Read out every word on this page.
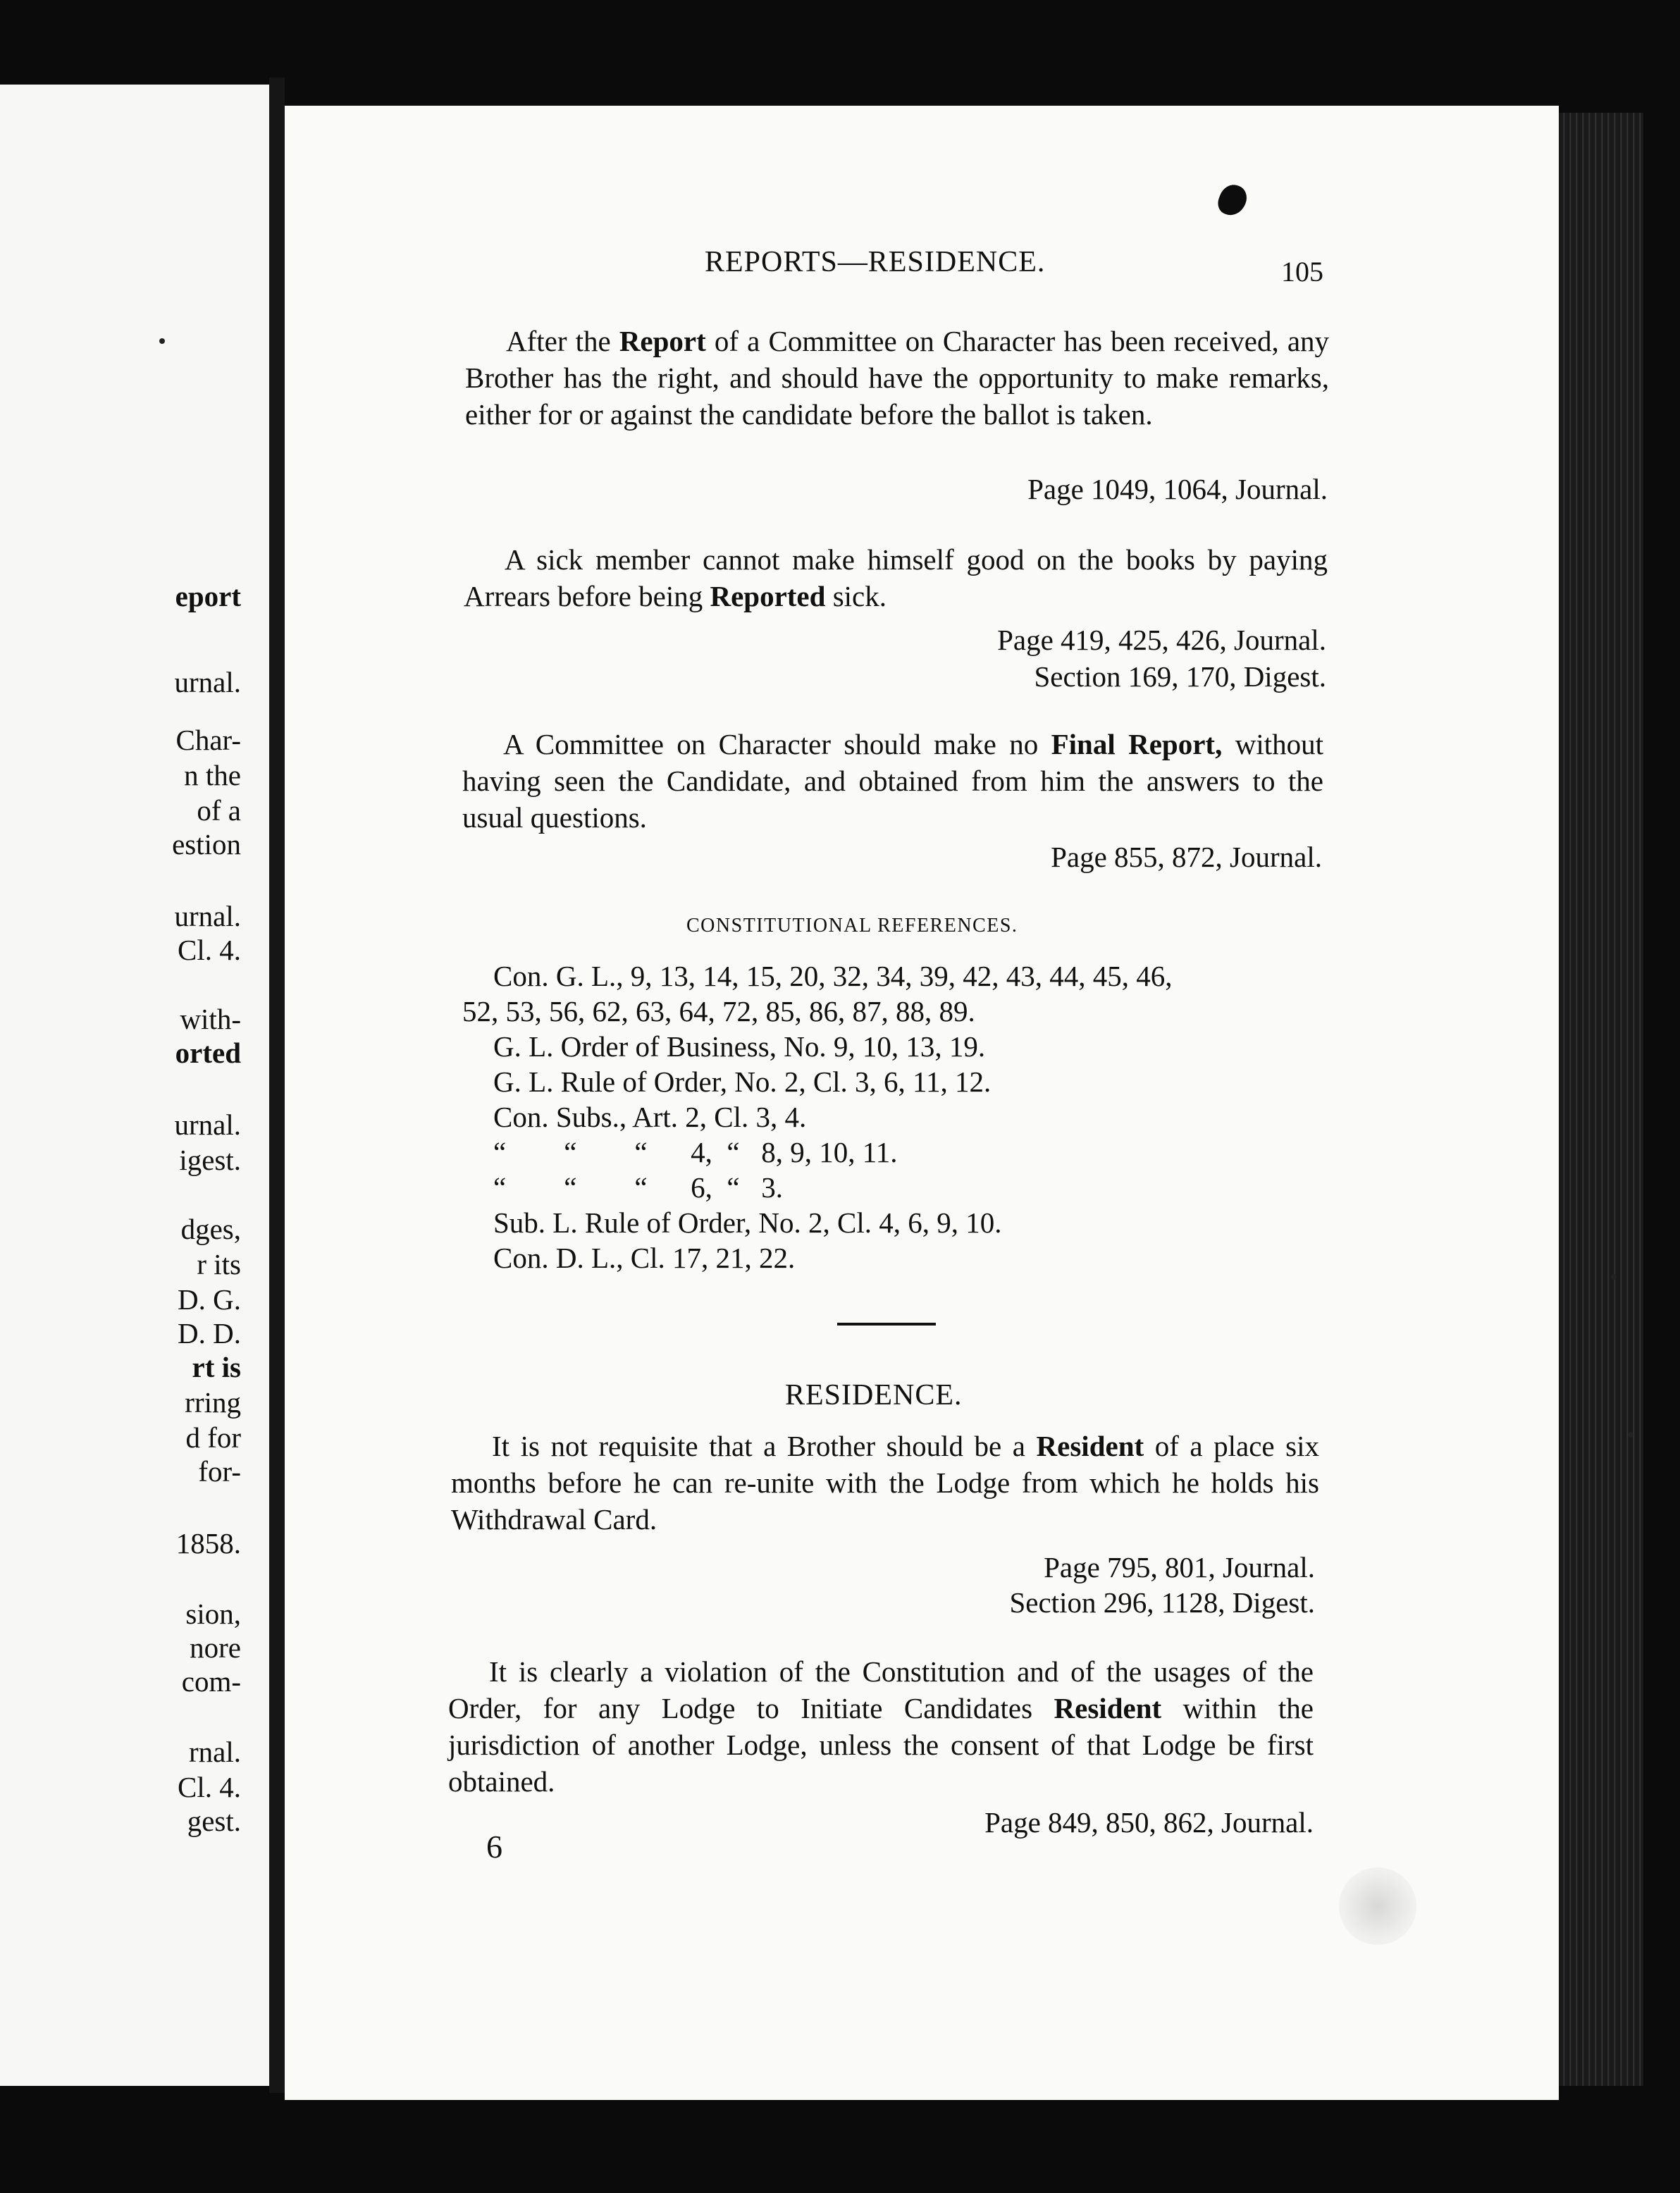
eport
urnal.
Char-
n the
of a
estion
urnal.
Cl. 4.
with-
orted
urnal.
igest.
dges,
r its
D. G.
D. D.
rt is
rring
d for
for-
1858.
sion,
nore
com-
rnal.
Cl. 4.
gest.
REPORTS—RESIDENCE.	105
After the Report of a Committee on Character has been received, any Brother has the right, and should have the opportunity to make remarks, either for or against the candidate before the ballot is taken.
Page 1049, 1064, Journal.
A sick member cannot make himself good on the books by paying Arrears before being Reported sick.
Page 419, 425, 426, Journal.
Section 169, 170, Digest.
A Committee on Character should make no Final Report, without having seen the Candidate, and obtained from him the answers to the usual questions.
Page 855, 872, Journal.
CONSTITUTIONAL REFERENCES.
Con. G. L., 9, 13, 14, 15, 20, 32, 34, 39, 42, 43, 44, 45, 46,
52, 53, 56, 62, 63, 64, 72, 85, 86, 87, 88, 89.
G. L. Order of Business, No. 9, 10, 13, 19.
G. L. Rule of Order, No. 2, Cl. 3, 6, 11, 12.
Con. Subs., Art. 2, Cl. 3, 4.
“        “        “      4,  “   8, 9, 10, 11.
“        “        “      6,  “   3.
Sub. L. Rule of Order, No. 2, Cl. 4, 6, 9, 10.
Con. D. L., Cl. 17, 21, 22.
RESIDENCE.
It is not requisite that a Brother should be a Resident of a place six months before he can re-unite with the Lodge from which he holds his Withdrawal Card.
Page 795, 801, Journal.
Section 296, 1128, Digest.
It is clearly a violation of the Constitution and of the usages of the Order, for any Lodge to Initiate Candidates Resident within the jurisdiction of another Lodge, unless the consent of that Lodge be first obtained.
Page 849, 850, 862, Journal.
6
